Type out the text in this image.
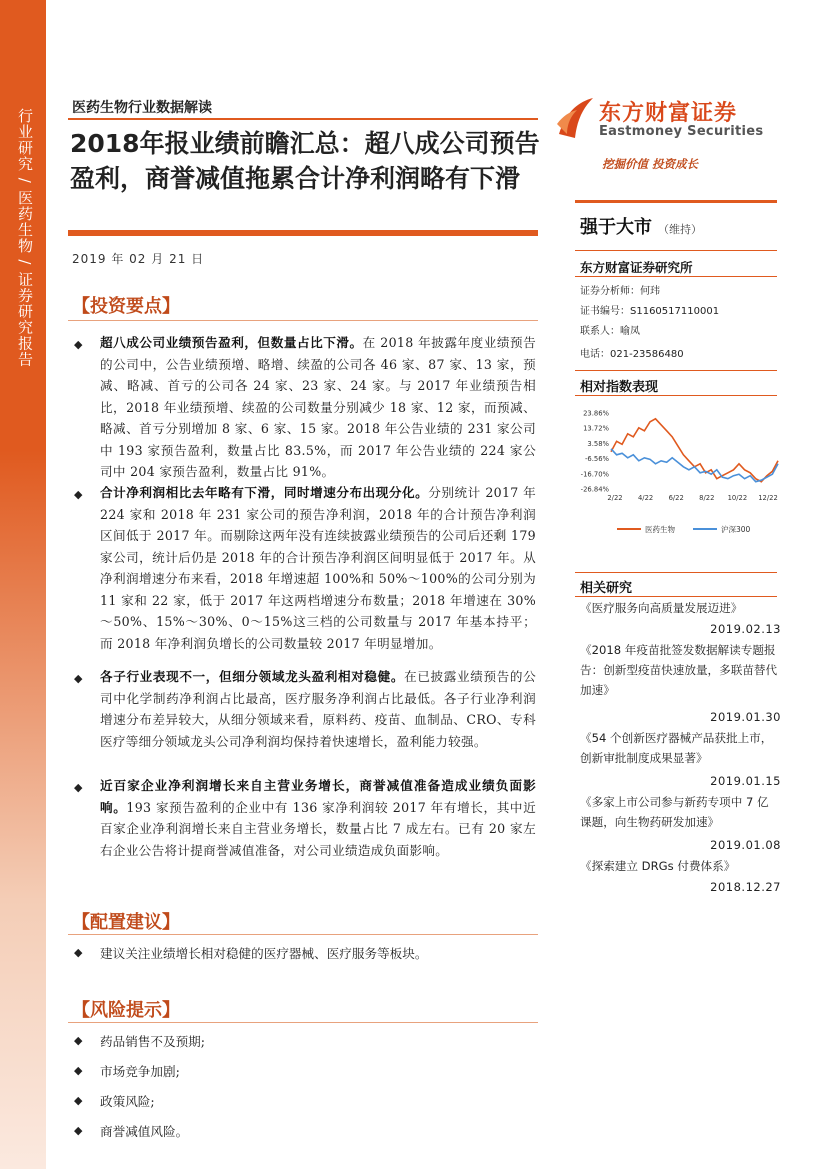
行业研究 / 医药生物 / 证券研究报告	医药生物行业数据解读
2018年报业绩前瞻汇总：超八成公司预告盈利，商誉减值拖累合计净利润略有下滑
2019 年 02 月 21 日
【投资要点】
◆ 超八成公司业绩预告盈利，但数量占比下滑。在 2018 年披露年度业绩预告的公司中，公告业绩预增、略增、续盈的公司各 46 家、87 家、13 家，预减、略减、首亏的公司各 24 家、23 家、24 家。与 2017 年业绩预告相比，2018 年业绩预增、续盈的公司数量分别减少 18 家、12 家，而预减、略减、首亏分别增加 8 家、6 家、15 家。2018 年公告业绩的 231 家公司中 193 家预告盈利，数量占比 83.5%，而 2017 年公告业绩的 224 家公司中 204 家预告盈利，数量占比 91%。
◆ 合计净利润相比去年略有下滑，同时增速分布出现分化。分别统计 2017 年 224 家和 2018 年 231 家公司的预告净利润，2018 年的合计预告净利润区间低于 2017 年。而剔除这两年没有连续披露业绩预告的公司后还剩 179 家公司，统计后仍是 2018 年的合计预告净利润区间明显低于 2017 年。从净利润增速分布来看，2018 年增速超 100%和 50%～100%的公司分别为 11 家和 22 家，低于 2017 年这两档增速分布数量；2018 年增速在 30%～50%、15%～30%、0～15%这三档的公司数量与 2017 年基本持平；而 2018 年净利润负增长的公司数量较 2017 年明显增加。
◆ 各子行业表现不一，但细分领域龙头盈利相对稳健。在已披露业绩预告的公司中化学制药净利润占比最高，医疗服务净利润占比最低。各子行业净利润增速分布差异较大，从细分领域来看，原料药、疫苗、血制品、CRO、专科医疗等细分领域龙头公司净利润均保持着快速增长，盈利能力较强。
◆ 近百家企业净利润增长来自主营业务增长，商誉减值准备造成业绩负面影响。193 家预告盈利的企业中有 136 家净利润较 2017 年有增长，其中近百家企业净利润增长来自主营业务增长，数量占比 7 成左右。已有 20 家左右企业公告将计提商誉减值准备，对公司业绩造成负面影响。
【配置建议】
◆ 建议关注业绩增长相对稳健的医疗器械、医疗服务等板块。
【风险提示】
◆ 药品销售不及预期;
◆ 市场竞争加剧;
◆ 政策风险;
◆ 商誉减值风险。
东方财富证券
Eastmoney Securities
挖掘价值 投资成长
强于大市 （维持）
东方财富证券研究所
证券分析师：何玮
证书编号：S1160517110001
联系人：喻凤
电话：021-23586480
相对指数表现
23.86%
13.72%
3.58%
-6.56%
-16.70%
-26.84%
2/22 4/22 6/22 8/22 10/22 12/22
医药生物	沪深300
相关研究
《医疗服务向高质量发展迈进》
2019.02.13
《2018 年疫苗批签发数据解读专题报告：创新型疫苗快速放量，多联苗替代加速》
2019.01.30
《54 个创新医疗器械产品获批上市，创新审批制度成果显著》
2019.01.15
《多家上市公司参与新药专项中 7 亿课题，向生物药研发加速》
2019.01.08
《探索建立 DRGs 付费体系》
2018.12.27
